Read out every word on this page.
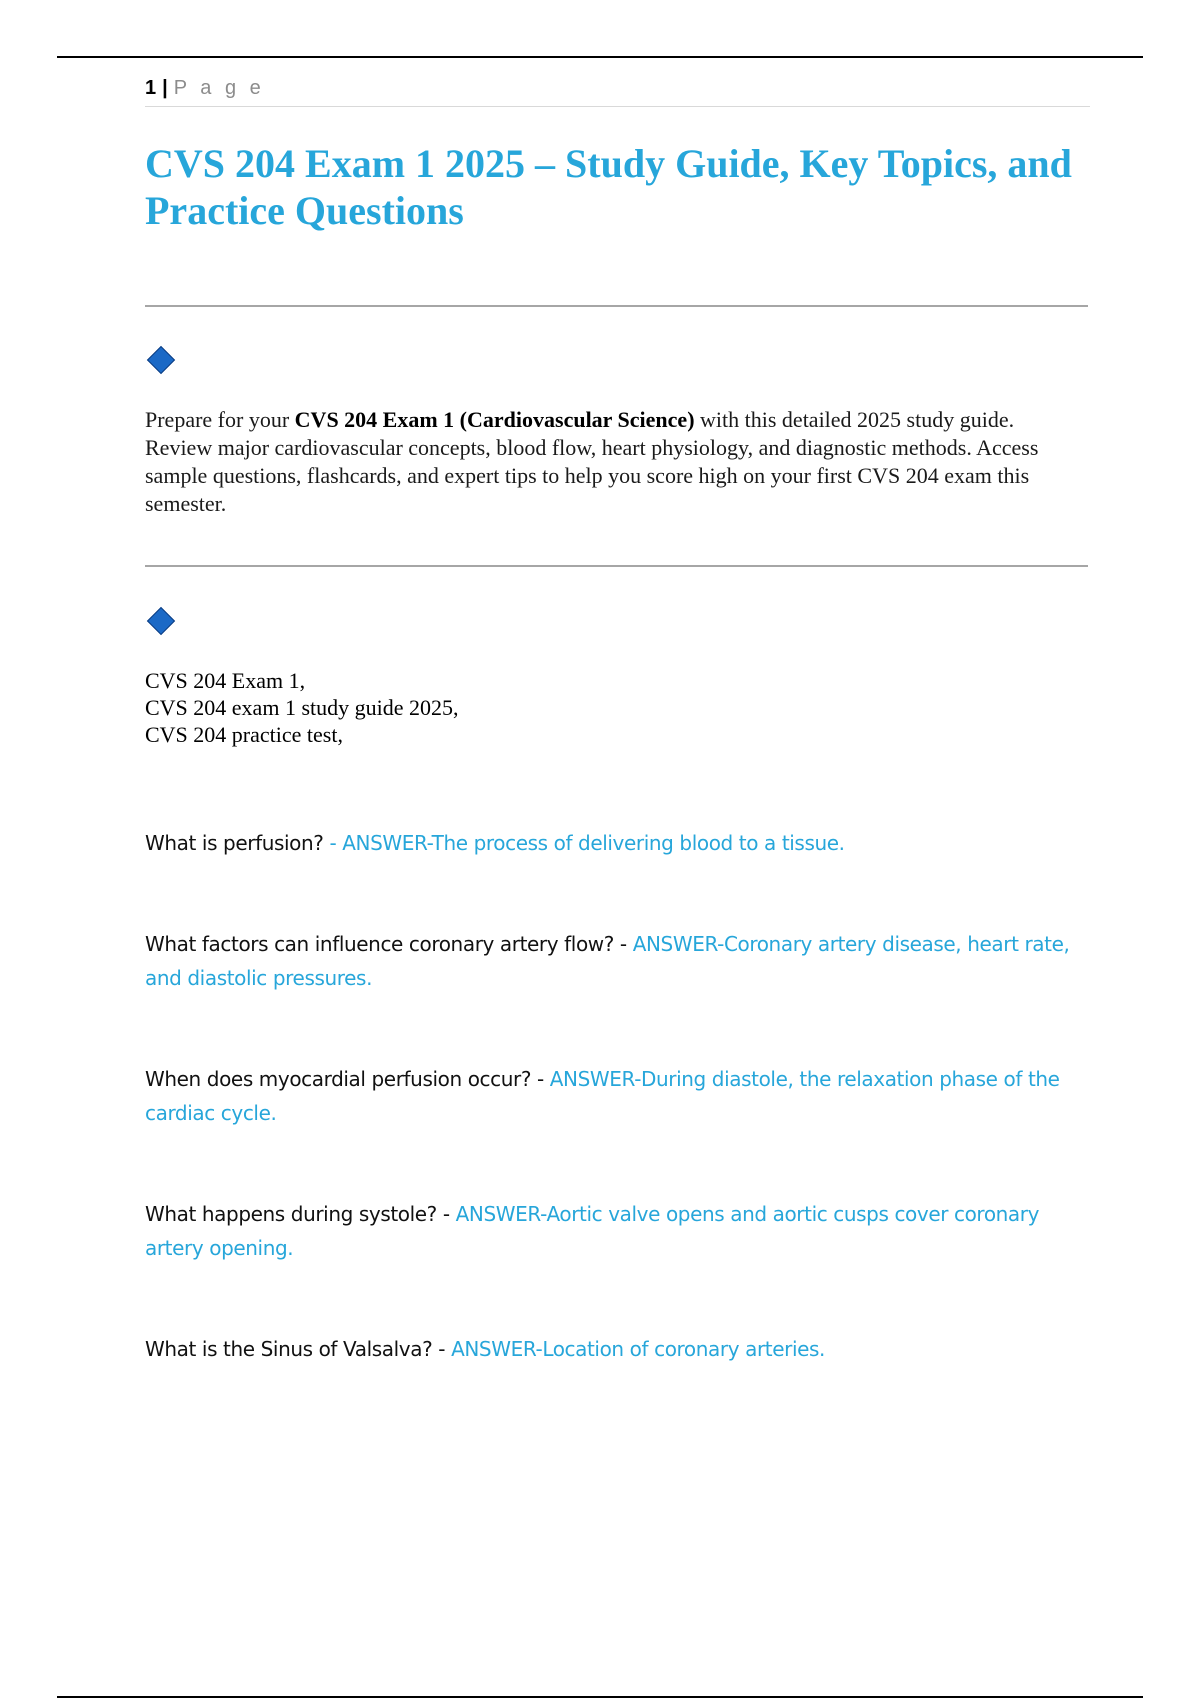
1 | P a g e
CVS 204 Exam 1 2025 – Study Guide, Key Topics, and Practice Questions

Prepare for your CVS 204 Exam 1 (Cardiovascular Science) with this detailed 2025 study guide. Review major cardiovascular concepts, blood flow, heart physiology, and diagnostic methods. Access sample questions, flashcards, and expert tips to help you score high on your first CVS 204 exam this semester.

CVS 204 Exam 1,
CVS 204 exam 1 study guide 2025,
CVS 204 practice test,

What is perfusion? - ANSWER-The process of delivering blood to a tissue.

What factors can influence coronary artery flow? - ANSWER-Coronary artery disease, heart rate, and diastolic pressures.

When does myocardial perfusion occur? - ANSWER-During diastole, the relaxation phase of the cardiac cycle.

What happens during systole? - ANSWER-Aortic valve opens and aortic cusps cover coronary artery opening.

What is the Sinus of Valsalva? - ANSWER-Location of coronary arteries.
